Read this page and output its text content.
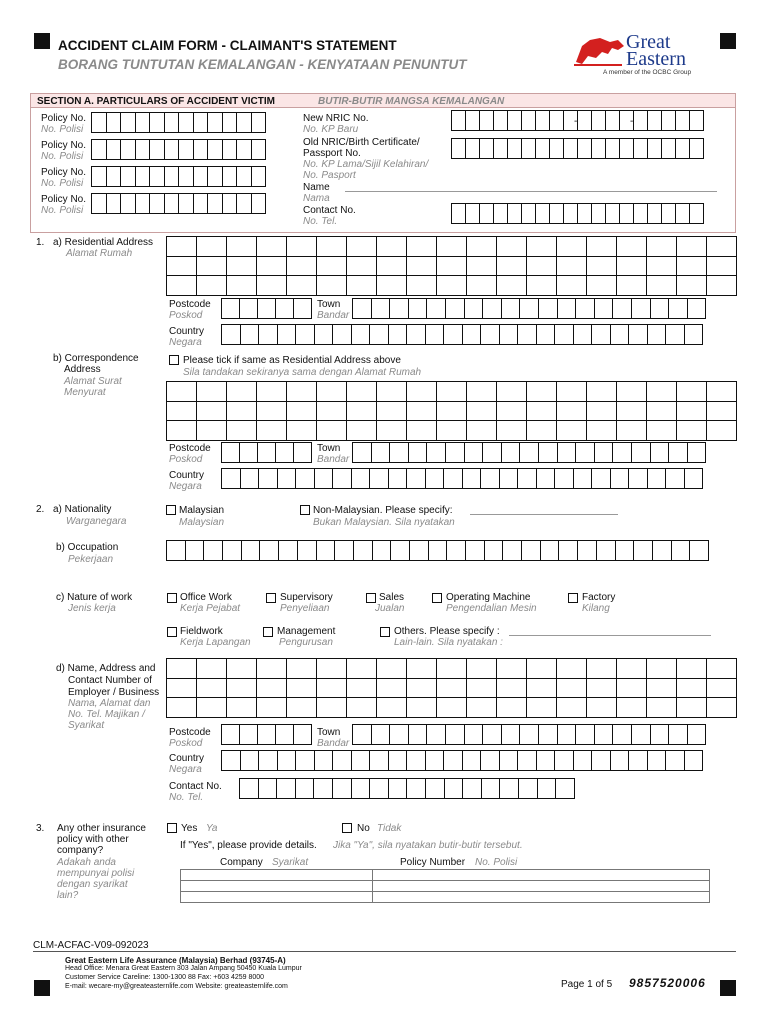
ACCIDENT CLAIM FORM - CLAIMANT'S STATEMENT
BORANG TUNTUTAN KEMALANGAN - KENYATAAN PENUNTUT
Great
Eastern
A member of the OCBC Group
SECTION A. PARTICULARS OF ACCIDENT VICTIM	BUTIR-BUTIR MANGSA KEMALANGAN
Policy No.
No. Polisi
Policy No.
No. Polisi
Policy No.
No. Polisi
Policy No.
No. Polisi
New NRIC No.
No. KP Baru
-	-
Old NRIC/Birth Certificate/
Passport No.
No. KP Lama/Sijil Kelahiran/
No. Pasport
Name
Nama
Contact No.
No. Tel.
1. a) Residential Address
Alamat Rumah
Postcode
Poskod
Town
Bandar
Country
Negara
b) Correspondence
Address
Alamat Surat
Menyurat
Please tick if same as Residential Address above
Sila tandakan sekiranya sama dengan Alamat Rumah
Postcode
Poskod
Town
Bandar
Country
Negara
2. a) Nationality
Warganegara
Malaysian
Malaysian
Non-Malaysian. Please specify:
Bukan Malaysian. Sila nyatakan
b) Occupation
Pekerjaan
c) Nature of work
Jenis kerja
Office Work
Kerja Pejabat
Supervisory
Penyeliaan
Sales
Jualan
Operating Machine
Pengendalian Mesin
Factory
Kilang
Fieldwork
Kerja Lapangan
Management
Pengurusan
Others. Please specify :
Lain-lain. Sila nyatakan :
d) Name, Address and
Contact Number of
Employer / Business
Nama, Alamat dan
No. Tel. Majikan /
Syarikat
Postcode
Poskod
Town
Bandar
Country
Negara
Contact No.
No. Tel.
3. Any other insurance
policy with other
company?
Adakah anda
mempunyai polisi
dengan syarikat
lain?
Yes Ya	No Tidak
If "Yes", please provide details. Jika "Ya", sila nyatakan butir-butir tersebut.
Company Syarikat	Policy Number No. Polisi

CLM-ACFAC-V09-092023
Great Eastern Life Assurance (Malaysia) Berhad (93745-A)
Head Office: Menara Great Eastern 303 Jalan Ampang 50450 Kuala Lumpur
Customer Service Careline: 1300-1300 88 Fax: +603 4259 8000
E-mail: wecare-my@greateasternlife.com Website: greateasternlife.com	Page 1 of 5 9857520006
